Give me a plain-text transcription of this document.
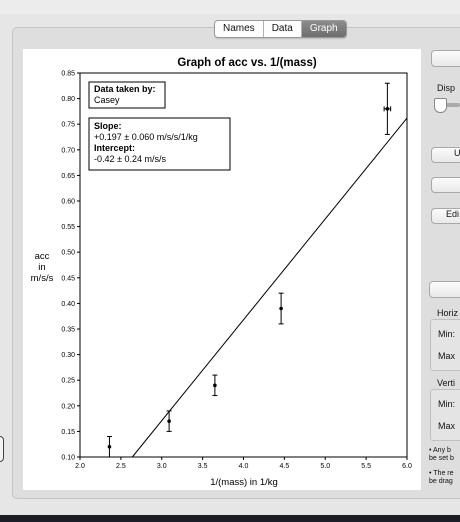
Names	Data	Graph
Graph of acc vs. 1/(mass)
0.10
0.15
0.20
0.25
0.30
0.35
0.40
0.45
0.50
0.55
0.60
0.65
0.70
0.75
0.80
0.85
2.0	2.5	3.0	3.5	4.0	4.5	5.0	5.5	6.0
acc
in
m/s/s
1/(mass) in 1/kg
Data taken by:
Casey
Slope:
+0.197 ± 0.060 m/s/s/1/kg
Intercept:
-0.42 ± 0.24 m/s/s
Disp
U
Edi
Horiz
Min:
Max
Verti
Min:
Max
• Any b
be set b
• The re
be drag
